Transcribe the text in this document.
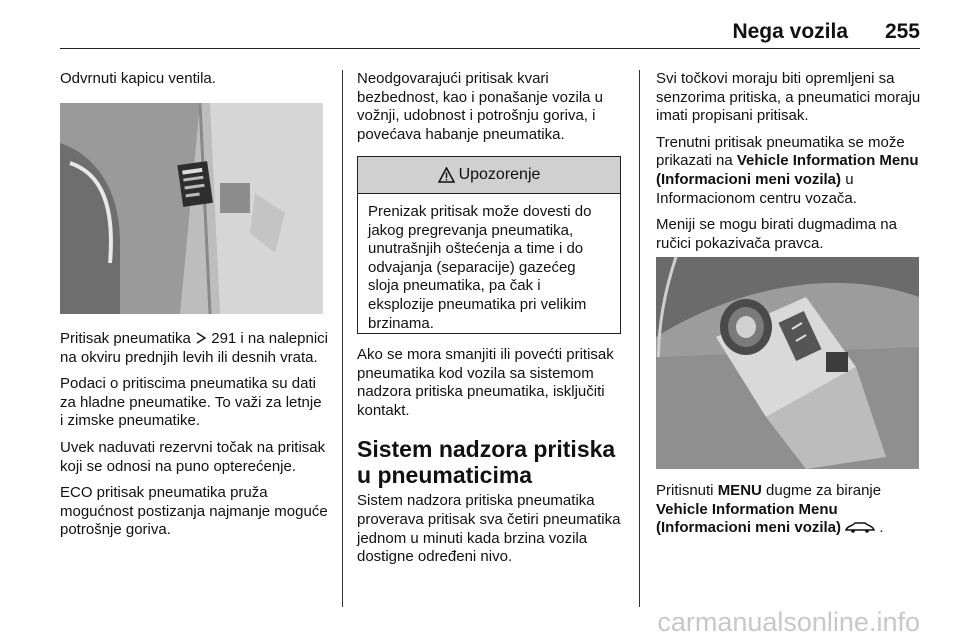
Nega vozila 255

Odvrnuti kapicu ventila.

Pritisak pneumatika  291 i na nalepnici na okviru prednjih levih ili desnih vrata.

Podaci o pritiscima pneumatika su dati za hladne pneumatike. To važi za letnje i zimske pneumatike.

Uvek naduvati rezervni točak na pritisak koji se odnosi na puno opterećenje.

ECO pritisak pneumatika pruža mogućnost postizanja najmanje moguće potrošnje goriva.

Neodgovarajući pritisak kvari bezbednost, kao i ponašanje vozila u vožnji, udobnost i potrošnju goriva, i povećava habanje pneumatika.

Upozorenje
Prenizak pritisak može dovesti do jakog pregrevanja pneumatika, unutrašnjih oštećenja a time i do odvajanja (separacije) gazećeg sloja pneumatika, pa čak i eksplozije pneumatika pri velikim brzinama.

Ako se mora smanjiti ili povećti pritisak pneumatika kod vozila sa sistemom nadzora pritiska pneumatika, isključiti kontakt.

Sistem nadzora pritiska u pneumaticima

Sistem nadzora pritiska pneumatika proverava pritisak sva četiri pneumatika jednom u minuti kada brzina vozila dostigne određeni nivo.

Svi točkovi moraju biti opremljeni sa senzorima pritiska, a pneumatici moraju imati propisani pritisak.

Trenutni pritisak pneumatika se može prikazati na Vehicle Information Menu (Informacioni meni vozila) u Informacionom centru vozača.

Meniji se mogu birati dugmadima na ručici pokazivača pravca.

Pritisnuti MENU dugme za biranje Vehicle Information Menu (Informacioni meni vozila)  .

carmanualsonline.info
